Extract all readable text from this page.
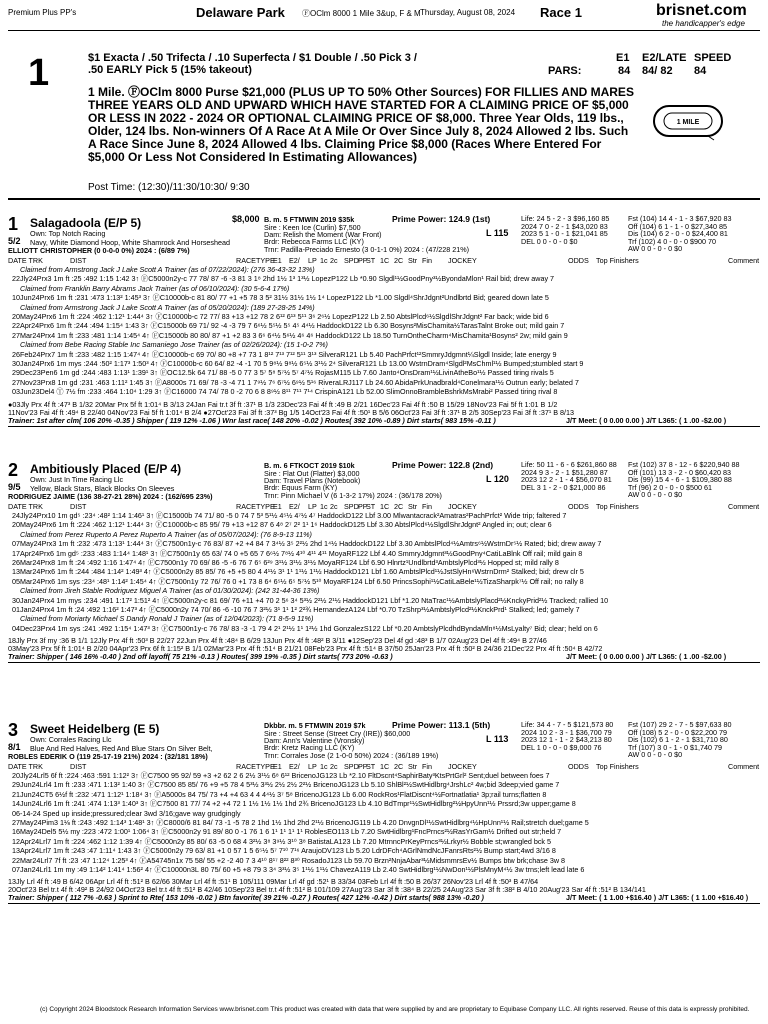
Premium Plus PP's	Delaware Park ⒻOClm 8000 1 Mile 3&up, F & M Thursday, August 08, 2024 Race 1	brisnet.com
the handicapper's edge
1	$1 Exacta / .50 Trifecta / .10 Superfecta / $1 Double / .50 Pick 3 /
.50 EARLY Pick 5 (15% takeout)
E1 E2/LATE SPEED
PARS:	84 84/ 82 84
1 Mile. ⒻOClm 8000 Purse $21,000 (PLUS UP TO 50% Other Sources) FOR FILLIES AND MARES THREE YEARS OLD AND UPWARD WHICH HAVE STARTED FOR A CLAIMING PRICE OF $5,000 OR LESS IN 2022 - 2024 OR OPTIONAL CLAIMING PRICE OF $8,000. Three Year Olds, 119 lbs., Older, 124 lbs. Non-winners Of A Race At A Mile Or Over Since July 8, 2024 Allowed 2 lbs. Such A Race Since June 8, 2024 Allowed 4 lbs. Claiming Price $8,000 (Races Where Entered For $5,000 Or Less Not Considered In Estimating Allowances)
1 MILE
Post Time: (12:30)/11:30/10:30/ 9:30
1 Salagadoola (E/P 5)
5/2
Own: Top Notch Racing
Navy, White Diamond Hoop, White Shamrock And Horseshead
ELLIOTT CHRISTOPHER (0 0-0-0 0%) 2024 : (6/89 7%)
$8,000 B. m. 5 FTMWIN 2019 $35k
Sire : Keen Ice (Curlin) $7,500
Dam: Relish the Moment (War Front)
Brdr: Rebecca Farms LLC (KY)
Trnr: Padilla-Preciado Ernesto (3 0-1-1 0%) 2024 : (47/228 21%)
L 115
Prime Power: 124.9 (1st)	Life: 24 5 - 2 - 3 $96,160 85
2024 7 0 - 2 - 1 $43,020 83
2023 5 1 - 0 - 1 $21,041 85
DEL 0 0 - 0 - 0 $0
Fst (104) 14 4 - 1 - 3 $67,920 83
Off (104) 6 1 - 1 - 0 $27,340 85
Dis (104) 6 2 - 0 - 0 $24,400 81
Trf (102) 4 0 - 0 - 0 $900 70
AW 0 0 - 0 - 0 $0
DATE TRK	DIST	RACETYPE
E1 E2/ LP 1c 2c SPD PP
ST 1C 2C Str Fin JOCKEY	ODDS Top Finishers	Comment
Claimed from Armstrong Jack J Lake Scott A Trainer (as of 07/22/2024): (276 36-43-32 13%)
22Jly24Prx3 1m ft :25 :492 1:15 1:42 3↑ ⒻC5000n2y-c 77 78/ 87 -6 -3 81 3 1⁸ 2hd 1½ 1³ 1³½ LopezP122 Lb *0.90 Slgdl¹½GoodPny³½ByondaMlon¹ Rail bid; drew away 7
Claimed from Franklin Barry Abrams Jack Trainer (as of 06/10/2024): (30 5-6-4 17%)
10Jun24Prx6 1m ft :231 :473 1:13² 1:45³ 3↑ ⒻC10000b-c 81 80/ 77 +1 +5 78 3 5² 31½ 31½ 1½ 1⁴ LopezP122 Lb *1.00 Slgdl⁴ShrJdgnt²Undlbrtd Bid; geared down late 5
Claimed from Armstrong Jack J Lake Scott A Trainer (as of 05/20/2024): (189 27-28-25 14%)
20May24Prx6 1m ft :224 :462 1:12¹ 1:44⁴ 3↑ ⒻC10000b-c 72 77/ 83 +13 +12 78 2 6¹² 6¹³ 5¹¹ 3⁶ 2⁶½ LopezP122 Lb 2.50 AbtslPlcd⁶½SlgdlShrJdgnt² Far back; wide bid 6
22Apr24Prx6 1m ft :244 :494 1:15⁴ 1:43 3↑ ⒻC15000b 69 71/ 92 -4 -3 79 7 6⁶½ 5⁵½ 5⁵ 4⁵ 4⁴½ HaddockD122 Lb 6.30 Bosyns²MisChamita½TarasTalnt Broke out; mild gain 7
27Mar24Prx4 1m ft :233 :481 1:14 1:45⁴ 4↑ ⒻC15000b 80 80/ 87 +1 +2 83 3 6⁶ 6⁴½ 5⁶½ 4⁶ 4⁶ HaddockD122 Lb 18.50 TurnOntheCharm⁴MisChamita¹Bosyns² 2w; mild gain 9
Claimed from Bebe Racing Stable Inc Samaniego Jose Trainer (as of 02/26/2024): (15 1-0-2 7%)
26Feb24Prx7 1m ft :233 :482 1:15 1:47⁴ 4↑ ⒻC10000b-c 69 70/ 80 +8 +7 73 1 8¹² 7¹³ 7¹² 5¹¹ 3¹³ SilveraR121 Lb 5.40 PachPrfct¹²SmmryJdgmnt¼Slgdl Inside; late energy 9
30Jan24Prx6 1m mys :244 :50² 1:17³ 1:50³ 4↑ ⒻC10000b-c 60 64/ 82 -4 -1 70 5 9⁸½ 9⁸½ 6⁵½ 3¹½ 2⁴ SilveraR121 Lb 13.00 WstrnDram⁴Slgdl²MsChml¹½ Bumped;stumbled start 9
29Dec23Pen6 1m gd :244 :483 1:13¹ 1:39¹ 3↑ ⒻOC12.5k 64 71/ 88 -5 0 77 3 5⁷ 5⁸ 5⁷½ 5⁷ 4⁷½ RojasM115 Lb 7.60 Janto⁴OnsDram¹½LivinAtheBo¹½ Passed tiring rivals 5
27Nov23Prx8 1m gd :231 :463 1:11² 1:45 3↑ ⒻA8000s 71 69/ 78 -3 -4 71 1 7⁹½ 7⁶ 6⁷½ 6⁹½ 5¹⁶ RiveraLRJ117 Lb 24.60 AbidaPrkUnadbrald⁴Conelmara¹½ Outrun early; belated 7
03Jun23Del4 Ⓣ 7½ fm :233 :464 1:10⁴ 1:29 3↑ ⒻC16000 74 74/ 78 0 -2 70 6 8 8⁹½ 8¹¹ 7¹¹ 7¹⁴ CrispinA121 Lb 52.00 SlimOnnoBrambleBshrkMsMrabi² Passed tiring rival 8
●03Jly Prx 4f ft :47³ B 1/32 20Mar Prx 5f ft 1:01⁴ B 3/13 24Jan Fai tr.t 3f ft :37¹ B 1/3 23Dec'23 Fai 4f ft :49 B 2/21 16Dec'23 Fai 4f ft :50 B 15/29 18Nov'23 Fai 5f ft 1:01 B 1/2
11Nov'23 Fai 4f ft :49⁴ B 22/40 04Nov'23 Fai 5f ft 1:01⁴ B 2/4 ●27Oct'23 Fai 3f ft :37³ Bg 1/5 14Oct'23 Fai 4f ft :50¹ B 5/6 06Oct'23 Fai 3f ft :37¹ B 2/5 30Sep'23 Fai 3f ft :37¹ B 8/13
Trainer: 1st after clm( 106 20% -0.35 ) Shipper ( 119 12% -1.06 ) Wnr last race( 148 20% -0.02 ) Routes( 392 10% -0.89 ) Dirt starts( 983 15% -0.11 )	J/T Meet: ( 0 0.00 0.00 ) J/T L365: ( 1 .00 -$2.00 )
2 Ambitiously Placed (E/P 4)
9/5
Own: Just In Time Racing Llc
Yellow, Black Stars, Black Blocks On Sleeves
RODRIGUEZ JAIME (136 38-27-21 28%) 2024 : (162/695 23%)
B. m. 6 FTKOCT 2019 $10k
Sire : Flat Out (Flatter) $3,000
Dam: Travel Plans (Notebook)
Brdr: Equus Farm (KY)
Trnr: Pinn Michael V (6 1-3-2 17%) 2024 : (36/178 20%)
L 120
Prime Power: 122.8 (2nd)	Life: 50 11 - 6 - 6 $261,860 88
2024 9 3 - 2 - 1 $51,280 87
2023 12 2 - 1 - 4 $56,070 81
DEL 3 1 - 2 - 0 $21,000 86
Fst (102) 37 8 - 12 - 6 $220,940 88
Off (101) 13 3 - 2 - 0 $60,420 83
Dis (99) 15 4 - 6 - 1 $109,380 88
Trf (96) 2 0 - 0 - 0 $500 61
AW 0 0 - 0 - 0 $0
DATE TRK	DIST	RACETYPE
E1 E2/ LP 1c 2c SPD PP
ST 1C 2C Str Fin JOCKEY	ODDS Top Finishers	Comment
24Jly24Prx10 1m gd⁵ :23⁴ :48² 1:14 1:46¹ 3↑ ⒻC15000b 74 71/ 80 -5 0 74 7 5³ 5¹½ 4⁵½ 4⁷½ 4⁷ HaddockD122 Lbf 3.00 Mlwantacrack²Amatras²PachPrfct² Wide trip; faltered 7
20May24Prx6 1m ft :224 :462 1:12¹ 1:44⁴ 3↑ ⒻC10000b-c 85 95/ 79 +13 +12 87 6 4⁸ 2⁷ 2² 1¹ 1⁶ HaddockD125 Lbf 3.30 AbtslPlcd⁶½SlgdlShrJdgnt² Angled in; out; clear 6
Claimed from Perez Ruperto A Perez Ruperto A Trainer (as of 05/07/2024): (76 8-9-13 11%)
07May24Prx3 1m ft :232 :473 1:13¹ 1:44⁴ 3↑ ⒻC7500n1y-c 76 83/ 87 +2 +4 84 7 3⁴½ 3⁵ 2²½ 2hd 1⁴½ HaddockD122 Lbf 3.30 AmbtslPlcd⁴½Amtrs⁶½WstrnDr⁵½ Rated; bid; drew away 7
17Apr24Prx6 1m gd⁵ :233 :483 1:14⁴ 1:48¹ 3↑ ⒻC7500n1y 65 63/ 74 0 +5 65 7 6⁶½ 7⁸½ 4¹⁰ 4¹¹ 4¹¹ MoyaRF122 Lbf 4.40 SmmryJdgmnt³½GoodPny⁴CatiLaBlnk Off rail; mild gain 8
26Mar24Prx8 1m ft :24 :492 1:16 1:47⁴ 4↑ ⒻC7500n1y 70 69/ 86 -5 -6 76 7 6⁵ 6²⁹ 3¹½ 3¹½ 3¹½ MoyaRF124 Lbf 6.90 Hlnrtz¹Undlbrtd³AmbtslyPlcd³½ Hopped st; mild rally 8
13Mar24Prx6 1m ft :244 :484 1:14² 1:49³ 4↑ ⒻC5000n2y 85 85/ 76 +5 +5 80 4 4¹½ 3¹ 1¹ 1¹½ 1¹½ HaddockD121 Lbf 1.60 AmbtslPlcd¹½JstSlyHn⁶WstrnDrm² Stalked; bid; drew clr 5
05Mar24Prx6 1m sys :23⁴ :48¹ 1:14² 1:45⁴ 4↑ ⒻC7500n1y 72 76/ 76 0 +1 73 8 6⁴ 6⁵½ 6⁵ 5⁷½ 5¹⁰ MoyaRF124 Lbf 6.50 PrincsSophi¹½CatiLaBele¹½TizaSharpk⁷½ Off rail; no rally 8
Claimed from Jireh Stable Rodriguez Miguel A Trainer (as of 01/30/2024): (242 31-44-36 13%)
30Jan24Prx4 1m mys :234 :491 1:17² 1:51² 4↑ ⒻC5000n2y-c 81 69/ 76 +11 +4 70 2 5⁶ 3⁴ 5³½ 2²½ 2¹½ HaddockD121 Lbf *1.20 NtaTrac¹½AmbtslyPlacd²½KnckyPrid²½ Tracked; rallied 10
01Jan24Prx4 1m ft :24 :492 1:16² 1:47³ 4↑ ⒻC5000n2y 74 70/ 86 -6 -10 76 7 3²½ 3¹ 1¹ 1² 2²¾ HernandezA124 Lbf *0.70 TzShrp³½AmbtslyPlcd²½KnckPrd¹ Stalked; led; gamely 7
Claimed from Moriarty Michael S Dandy Ronald J Trainer (as of 12/04/2023): (71 8-5-9 11%)
04Dec23Prx4 1m sys :241 :492 1:15⁴ 1:47³ 3↑ ⒻC7500n1y-c 76 78/ 83 -3 -1 79 4 2¹ 2¹½ 1¹ 1²½ 1hd GonzalezS122 Lbf *0.20 AmbtslyPlcdhdByndaMln⁸½MsLyalty⁷ Bid; clear; held on 6
18Jly Prx 3f my :36 B 1/1 12Jly Prx 4f ft :50³ B 22/27 22Jun Prx 4f ft :48⁴ B 6/29 13Jun Prx 4f ft :48² B 3/11 ●12Sep'23 Del 4f gd :48³ B 1/7 02Aug'23 Del 4f ft :49⁴ B 27/46
03May'23 Prx 5f ft 1:01⁴ B 2/20 04Apr'23 Prx 6f ft 1:15² B 1/1 02Mar'23 Prx 4f ft :51⁴ B 21/21 08Feb'23 Prx 4f ft :51⁴ B 37/50 25Jan'23 Prx 4f ft :50² B 24/36 21Dec'22 Prx 4f ft :50⁴ B 42/72
Trainer: Shipper ( 146 16% -0.40 ) 2nd off layoff( 75 21% -0.13 ) Routes( 399 19% -0.35 ) Dirt starts( 773 20% -0.63 )	J/T Meet: ( 0 0.00 0.00 ) J/T L365: ( 1 .00 -$2.00 )
3 Sweet Heidelberg (E 5)
8/1
Own: Corrales Racing Llc
Blue And Red Halves, Red And Blue Stars On Silver Belt,
ROBLES EDERIK O (119 25-17-19 21%) 2024 : (32/181 18%)
Dkbbr. m. 5 FTMWIN 2019 $7k
Sire : Street Sense (Street Cry (IRE)) $60,000
Dam: Ann's Valentine (Vronsky)
Brdr: Kretz Racing LLC (KY)
Trnr: Corrales Jose (2 1-0-0 50%) 2024 : (36/189 19%)
L 113
Prime Power: 113.1 (5th)	Life: 34 4 - 7 - 5 $121,573 80
2024 10 2 - 3 - 1 $36,700 79
2023 12 1 - 1 - 2 $43,213 80
DEL 1 0 - 0 - 0 $9,000 76
Fst (107) 29 2 - 7 - 5 $97,633 80
Off (108) 5 2 - 0 - 0 $22,200 79
Dis (102) 6 1 - 2 - 1 $31,710 80
Trf (107) 3 0 - 1 - 0 $1,740 79
AW 0 0 - 0 - 0 $0
DATE TRK	DIST	RACETYPE
E1 E2/ LP 1c 2c SPD PP
ST 1C 2C Str Fin JOCKEY	ODDS Top Finishers	Comment
20Jly24Lrl5 6f ft :224 :463 :591 1:12² 3↑ ⒻC7500 95 92/ 59 +3 +2 62 2 6 2½ 3¹½ 6⁸ 6¹² BricenoJG123 Lb *2.10 FltDscnt⁴SaphirBaty³KtsPrtGrl² Sent;duel between foes 7
29Jun24Lrl4 1m ft :233 :471 1:13² 1:40 3↑ ⒻC7500 85 85/ 76 +9 +5 78 4 5³½ 3³½ 2½ 2½ 2²½ BricenoJG123 Lb 5.10 ShlBl²½SwtHidlbrg⁴JrshLc² 4w;bid 3deep;vied game 7
21Jun24CT5 6½f ft :232 :471 1:12¹ 1:18⁴ 3↑ ⒻA5000s 84 75/ 73 +4 +4 63 4 4 4⁴½ 3⁷ 5⁸ BricenoJG123 Lb 6.00 RockRos¹FlatDiscnt⁴½Fortnatlatia¹ 3p;rail turns;flatten 8
14Jun24Lrl6 1m ft :241 :474 1:13³ 1:40³ 3↑ ⒻC7500 81 77/ 74 +2 +4 72 1 1½ 1½ 1½ 1hd 2¾ BricenoJG123 Lb 4.10 BdTmpr¹½SwtHidlbrg²½HpyUnn¹½ Prssrd;3w upper;game 8
06-14-24 Sped up inside;pressured;clear 3wd 3/16;gave way grudgingly
27May24Pim3 1⅛ ft :243 :492 1:14³ 1:48¹ 3↑ ⒻC8000/6 81 84/ 73 -1 -5 78 2 1hd 1½ 1hd 2hd 2¹½ BricenoJG119 Lb 4.20 DnvgnDl¹½SwtHidlbrg⁴½HpUnn¹½ Rail;stretch duel;game 5
16May24Del5 5½ my :223 :472 1:00¹ 1:06⁴ 3↑ ⒻC5000n2y 91 89/ 80 0 -1 76 1 6 1¹ 1¹ 1¹ 1¹ RoblesEO113 Lb 7.20 SwtHidlbrg¹FncPrncs²½RasYrGam½ Drifted out str;held 7
12Apr24Lrl7 1m ft :224 :462 1:12 1:39 4↑ ⒻC5000n2y 85 80/ 63 -5 0 68 4 3²½ 3⁸ 3⁹½ 3¹⁰ 3⁸ BatistaLA123 Lb 7.20 MtrnncPrKeyPrncs³½Lrkyr½ Bobble st;wrangled bck 5
13Apr24Lrl7 1m ft :243 :47 1:11⁴ 1:43 3↑ ⒻC5000n2y 79 63/ 81 +1 0 57 1 5 6⁵½ 5⁷ 7¹⁰ 7¹⁶ AraujoDV123 Lb 5.20 LdrDFch⁴AGrlNmdNcJFanrsRts²½ Bump start;4wd 3/16 8
22Mar24Lrl7 7f ft :23 :47 1:12⁴ 1:25³ 4↑ ⒻA54745n1x 75 58/ 55 +2 -2 40 7 3 4¹⁰ 8¹⁷ 8²² 8³⁰ RosadoJ123 Lb 59.70 Brzn²NnjaAbar³½MidsmmrsEv½ Bumps btw brk;chase 3w 8
07Jan24Lrl1 1m my :49 1:14² 1:41⁴ 1:56² 4↑ ⒻC10000n3L 80 75/ 60 +5 +8 79 3 3⁴ 3³½ 3⁵ 1¹½ 1¹½ ChavezA119 Lb 2.40 SwtHidlbrg¹½NwDon¹½PlsMnyM⁴½ 3w trns;left lead late 6
13Jly Lrl 4f ft :49 B 6/42 06Apr Lrl 4f ft :51² B 62/66 30Mar Lrl 4f ft :51¹ B 105/111 09Mar Lrl 4f gd :52¹ B 33/34 03Feb Lrl 4f ft :50 B 26/37 26Nov'23 Lrl 4f ft :50³ B 47/64
20Oct'23 Bel tr.t 4f ft :49² B 24/92 04Oct'23 Bel tr.t 4f ft :51² B 42/46 10Sep'23 Bel tr.t 4f ft :51² B 101/109 27Aug'23 Sar 3f ft :38⁴ B 22/25 24Aug'23 Sar 3f ft :38² B 4/10 20Aug'23 Sar 4f ft :51² B 134/141
Trainer: Shipper ( 112 7% -0.63 ) Sprint to Rte( 153 10% -0.02 ) Btn favorite( 39 21% -0.27 ) Routes( 427 12% -0.42 ) Dirt starts( 988 13% -0.20 )	J/T Meet: ( 1 1.00 +$16.40 ) J/T L365: ( 1 1.00 +$16.40 )
(c) Copyright 2024 Bloodstock Research Information Services www.brisnet.com This product was created with data that were supplied by and are proprietary to Equibase Company LLC. All rights reserved. Reuse of this data is expressly prohibited.
